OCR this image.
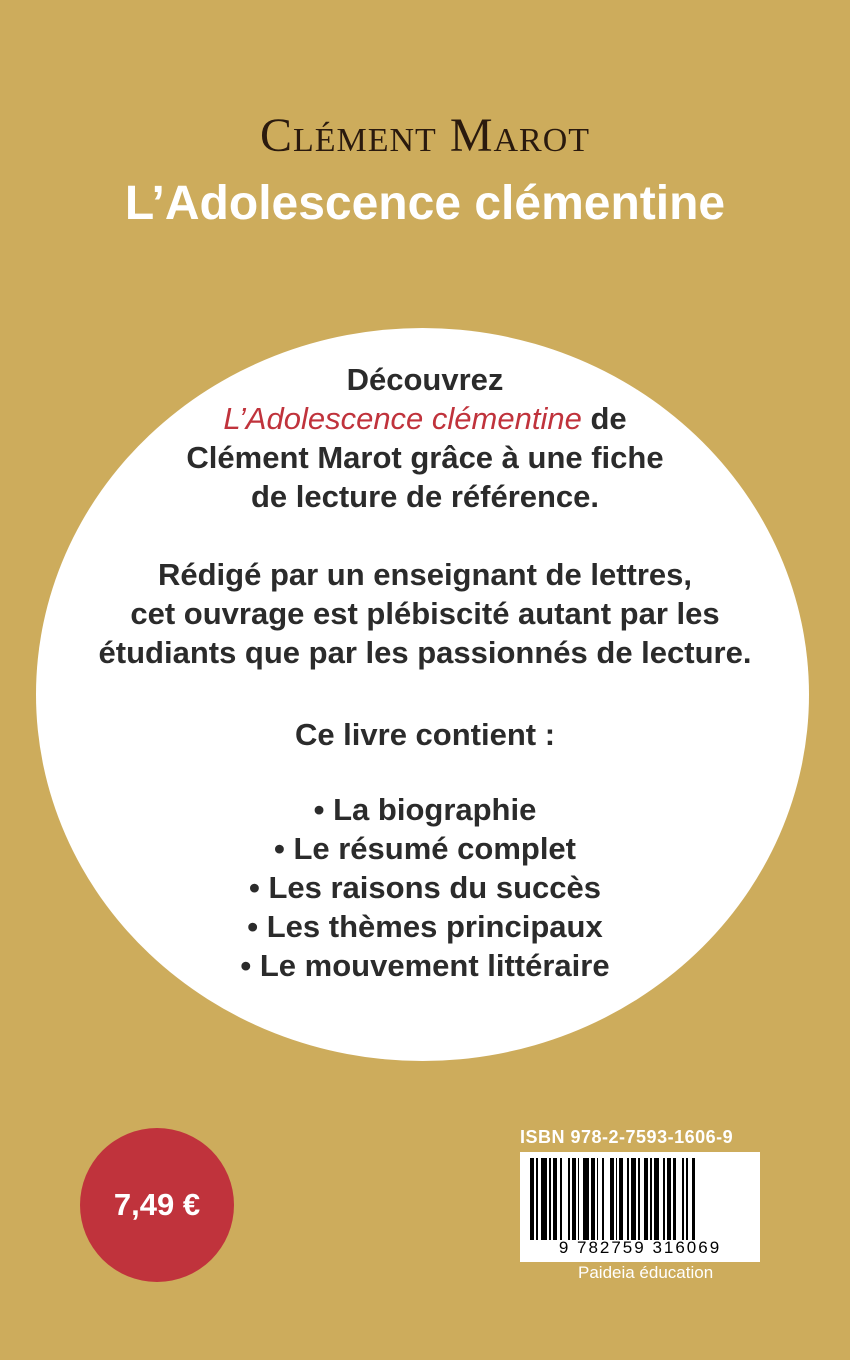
Clément Marot
L’Adolescence clémentine

Découvrez

L’Adolescence clémentine de

Clément Marot grâce à une fiche

de lecture de référence.

Rédigé par un enseignant de lettres,

cet ouvrage est plébiscité autant par les

étudiants que par les passionnés de lecture.

Ce livre contient :

• La biographie
• Le résumé complet
• Les raisons du succès
• Les thèmes principaux
• Le mouvement littéraire
7,49 €
ISBN 978-2-7593-1606-9
9 782759 316069
Paideia éducation
